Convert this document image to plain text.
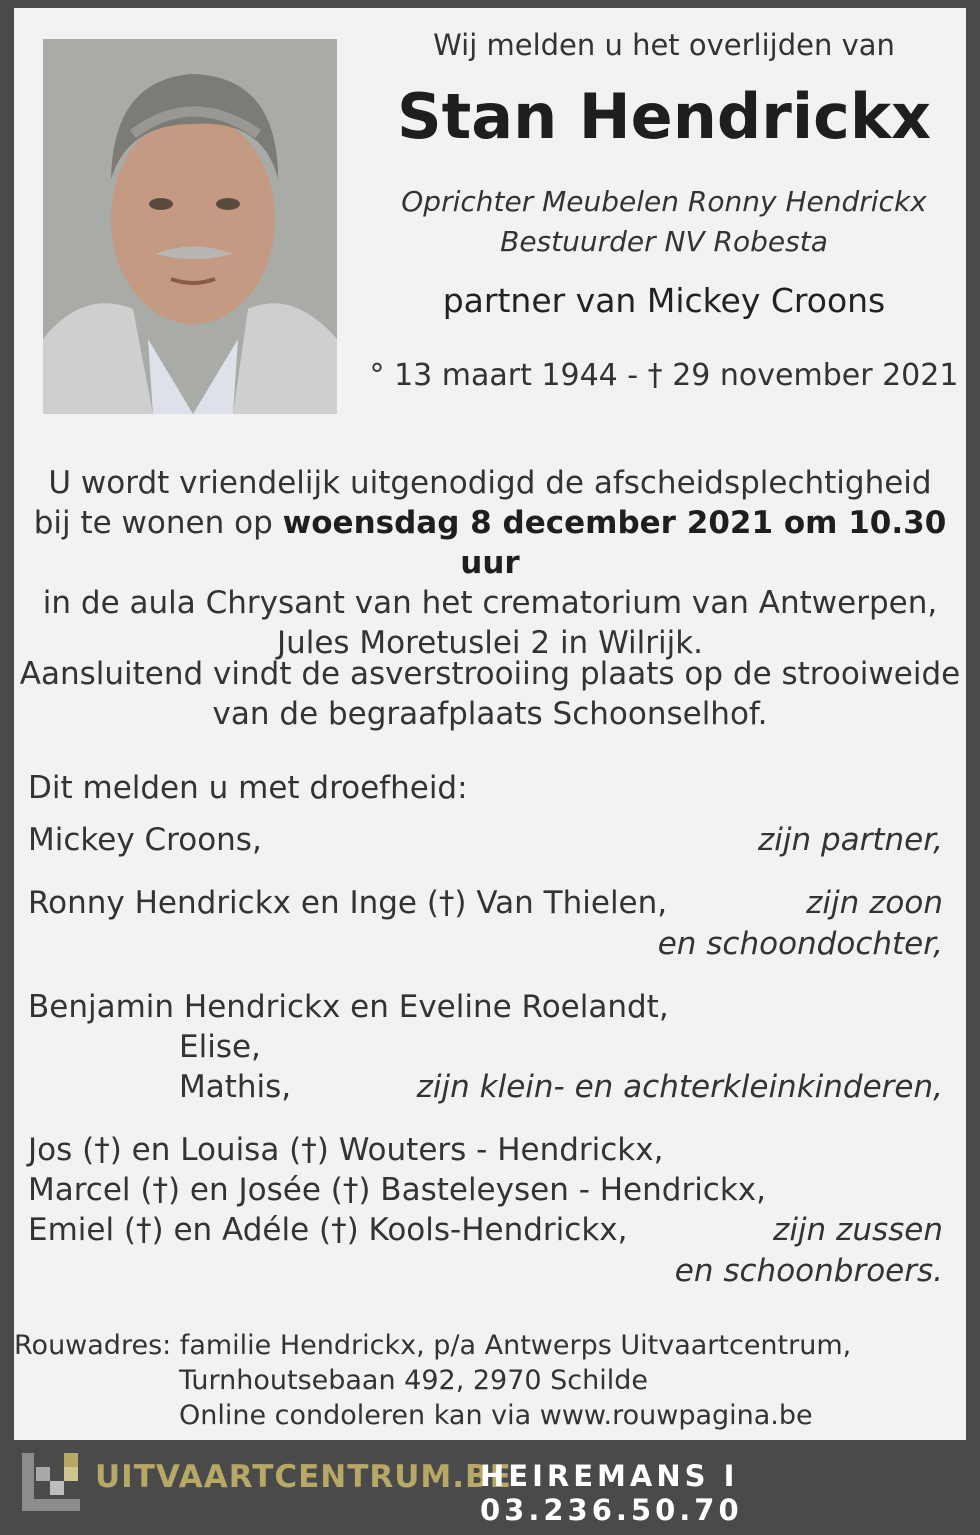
Wij melden u het overlijden van
Stan Hendrickx
Oprichter Meubelen Ronny Hendrickx
Bestuurder NV Robesta
partner van Mickey Croons
° 13 maart 1944 - † 29 november 2021
U wordt vriendelijk uitgenodigd de afscheidsplechtigheid
bij te wonen op woensdag 8 december 2021 om 10.30 uur
in de aula Chrysant van het crematorium van Antwerpen,
Jules Moretuslei 2 in Wilrijk.
Aansluitend vindt de asverstrooiing plaats op de strooiweide
van de begraafplaats Schoonselhof.
Dit melden u met droefheid:
Mickey Croons,	zijn partner,
Ronny Hendrickx en Inge (†) Van Thielen,	zijn zoon
en schoondochter,
Benjamin Hendrickx en Eveline Roelandt,
Elise,
Mathis,	zijn klein- en achterkleinkinderen,
Jos (†) en Louisa (†) Wouters - Hendrickx,
Marcel (†) en Josée (†) Basteleysen - Hendrickx,
Emiel (†) en Adéle (†) Kools-Hendrickx,	zijn zussen
en schoonbroers.
Rouwadres: familie Hendrickx, p/a Antwerps Uitvaartcentrum,
Turnhoutsebaan 492, 2970 Schilde
Online condoleren kan via www.rouwpagina.be
UITVAARTCENTRUM.BE
HEIREMANS I 03.236.50.70
